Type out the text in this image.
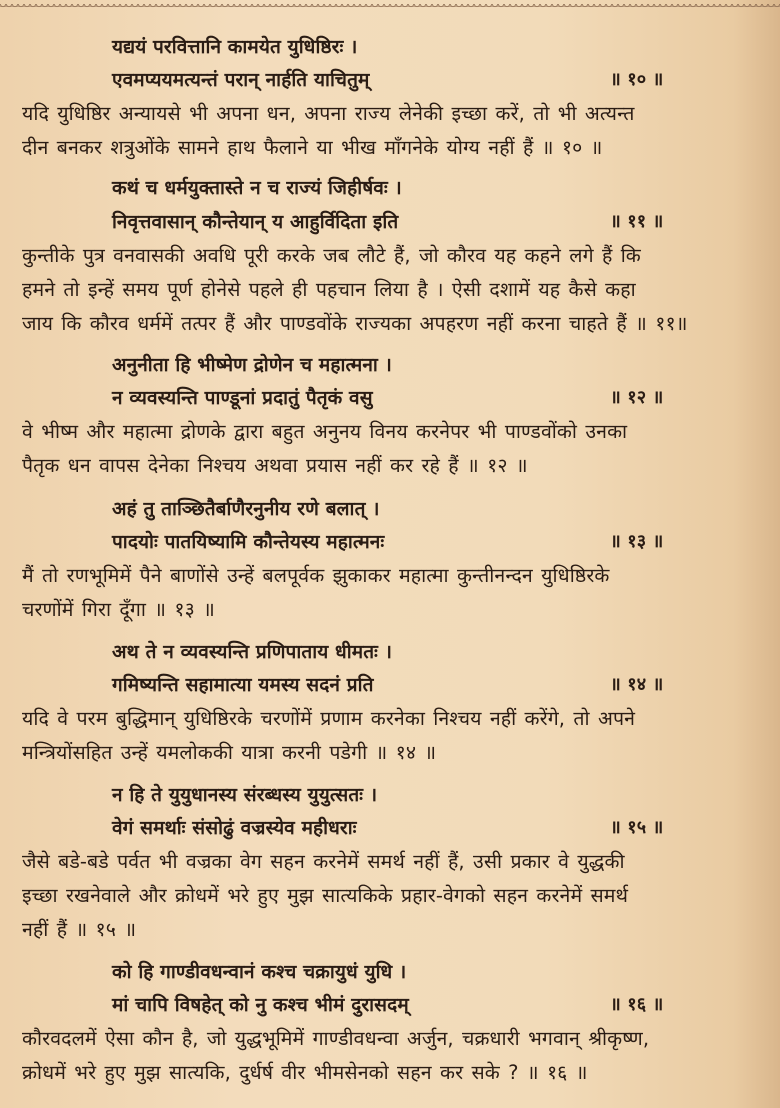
यद्ययं परवित्तानि कामयेत युधिष्ठिरः ।
एवमप्ययमत्यन्तं परान् नार्हति याचितुम्	॥ १० ॥
यदि युधिष्ठिर अन्यायसे भी अपना धन, अपना राज्य लेनेकी इच्छा करें, तो भी अत्यन्त
दीन बनकर शत्रुओंके सामने हाथ फैलाने या भीख माँगनेके योग्य नहीं हैं ॥ १० ॥
कथं च धर्मयुक्तास्ते न च राज्यं जिहीर्षवः ।
निवृत्तवासान् कौन्तेयान् य आहुर्विदिता इति	॥ ११ ॥
कुन्तीके पुत्र वनवासकी अवधि पूरी करके जब लौटे हैं, जो कौरव यह कहने लगे हैं कि
हमने तो इन्हें समय पूर्ण होनेसे पहले ही पहचान लिया है । ऐसी दशामें यह कैसे कहा
जाय कि कौरव धर्ममें तत्पर हैं और पाण्डवोंके राज्यका अपहरण नहीं करना चाहते हैं ॥ ११॥
अनुनीता हि भीष्मेण द्रोणेन च महात्मना ।
न व्यवस्यन्ति पाण्डूनां प्रदातुं पैतृकं वसु	॥ १२ ॥
वे भीष्म और महात्मा द्रोणके द्वारा बहुत अनुनय विनय करनेपर भी पाण्डवोंको उनका
पैतृक धन वापस देनेका निश्चय अथवा प्रयास नहीं कर रहे हैं ॥ १२ ॥
अहं तु ताञ्छितैर्बाणैरनुनीय रणे बलात् ।
पादयोः पातयिष्यामि कौन्तेयस्य महात्मनः	॥ १३ ॥
मैं तो रणभूमिमें पैने बाणोंसे उन्हें बलपूर्वक झुकाकर महात्मा कुन्तीनन्दन युधिष्ठिरके
चरणोंमें गिरा दूँगा ॥ १३ ॥
अथ ते न व्यवस्यन्ति प्रणिपाताय धीमतः ।
गमिष्यन्ति सहामात्या यमस्य सदनं प्रति	॥ १४ ॥
यदि वे परम बुद्धिमान् युधिष्ठिरके चरणोंमें प्रणाम करनेका निश्चय नहीं करेंगे, तो अपने
मन्त्रियोंसहित उन्हें यमलोककी यात्रा करनी पडेगी ॥ १४ ॥
न हि ते युयुधानस्य संरब्धस्य युयुत्सतः ।
वेगं समर्थाः संसोढुं वज्रस्येव महीधराः	॥ १५ ॥
जैसे बडे-बडे पर्वत भी वज्रका वेग सहन करनेमें समर्थ नहीं हैं, उसी प्रकार वे युद्धकी
इच्छा रखनेवाले और क्रोधमें भरे हुए मुझ सात्यकिके प्रहार-वेगको सहन करनेमें समर्थ
नहीं हैं ॥ १५ ॥
को हि गाण्डीवधन्वानं कश्च चक्रायुधं युधि ।
मां चापि विषहेत् को नु कश्च भीमं दुरासदम्	॥ १६ ॥
कौरवदलमें ऐसा कौन है, जो युद्धभूमिमें गाण्डीवधन्वा अर्जुन, चक्रधारी भगवान् श्रीकृष्ण,
क्रोधमें भरे हुए मुझ सात्यकि, दुर्धर्ष वीर भीमसेनको सहन कर सके ? ॥ १६ ॥
